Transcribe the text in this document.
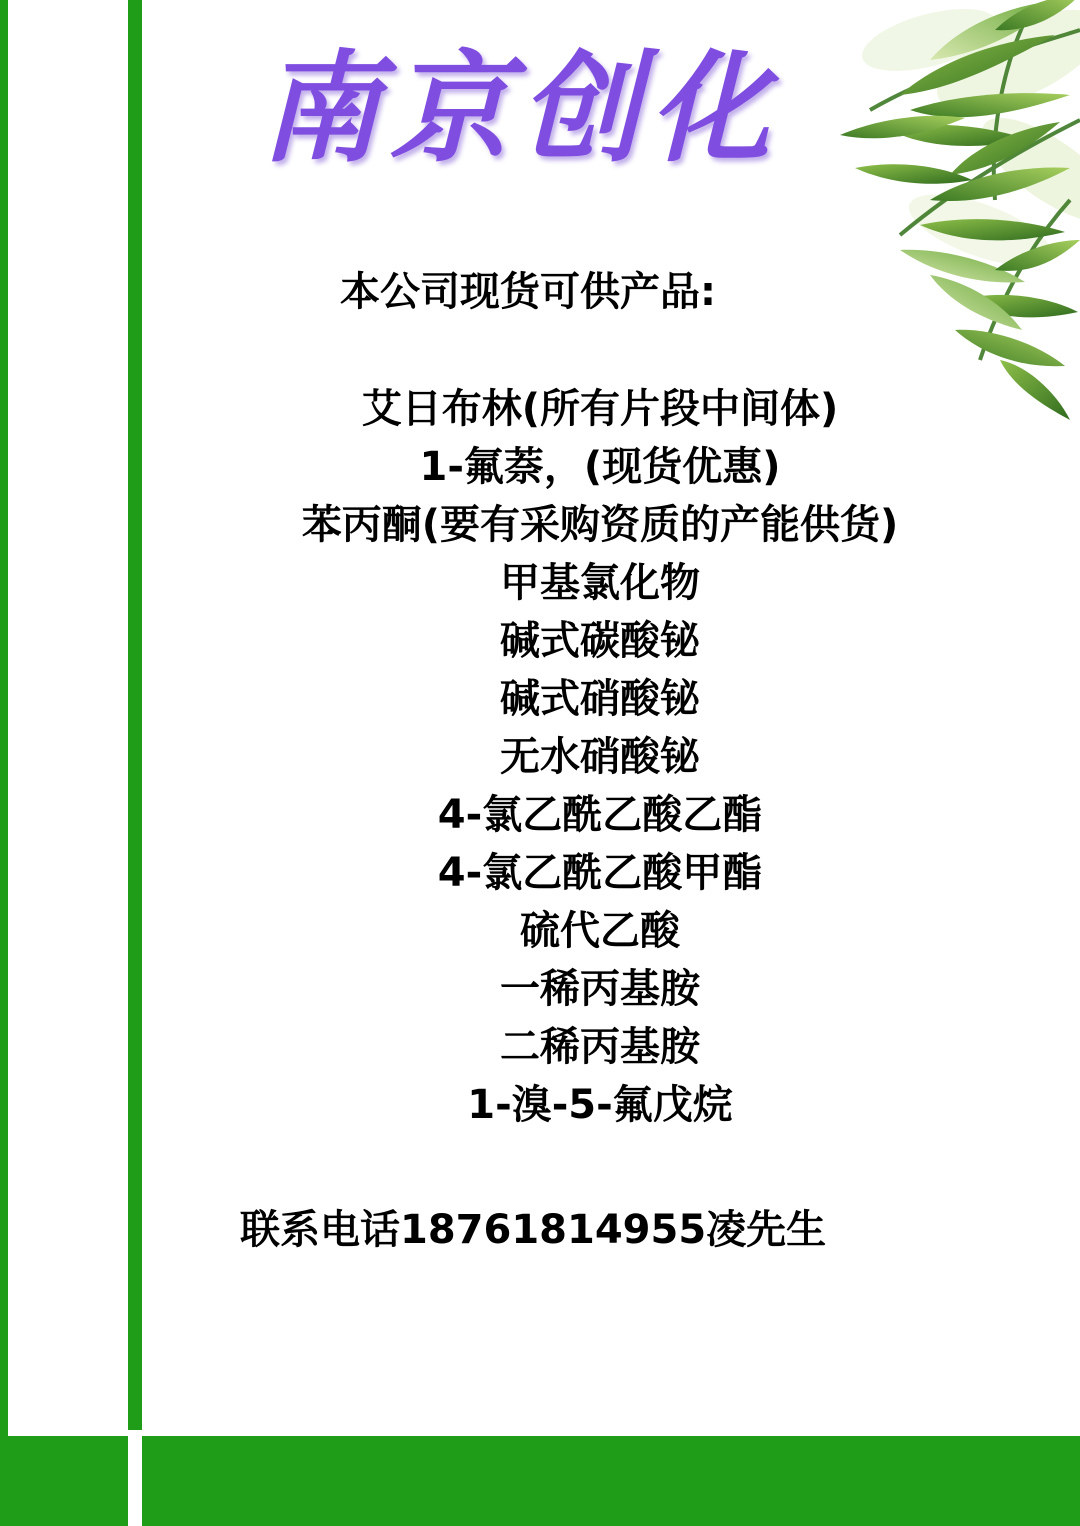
南京创化

本公司现货可供产品:

艾日布林(所有片段中间体)
1-氟萘，(现货优惠)
苯丙酮(要有采购资质的产能供货)
甲基氯化物
碱式碳酸铋
碱式硝酸铋
无水硝酸铋
4-氯乙酰乙酸乙酯
4-氯乙酰乙酸甲酯
硫代乙酸
一稀丙基胺
二稀丙基胺
1-溴-5-氟戊烷

联系电话18761814955凌先生
